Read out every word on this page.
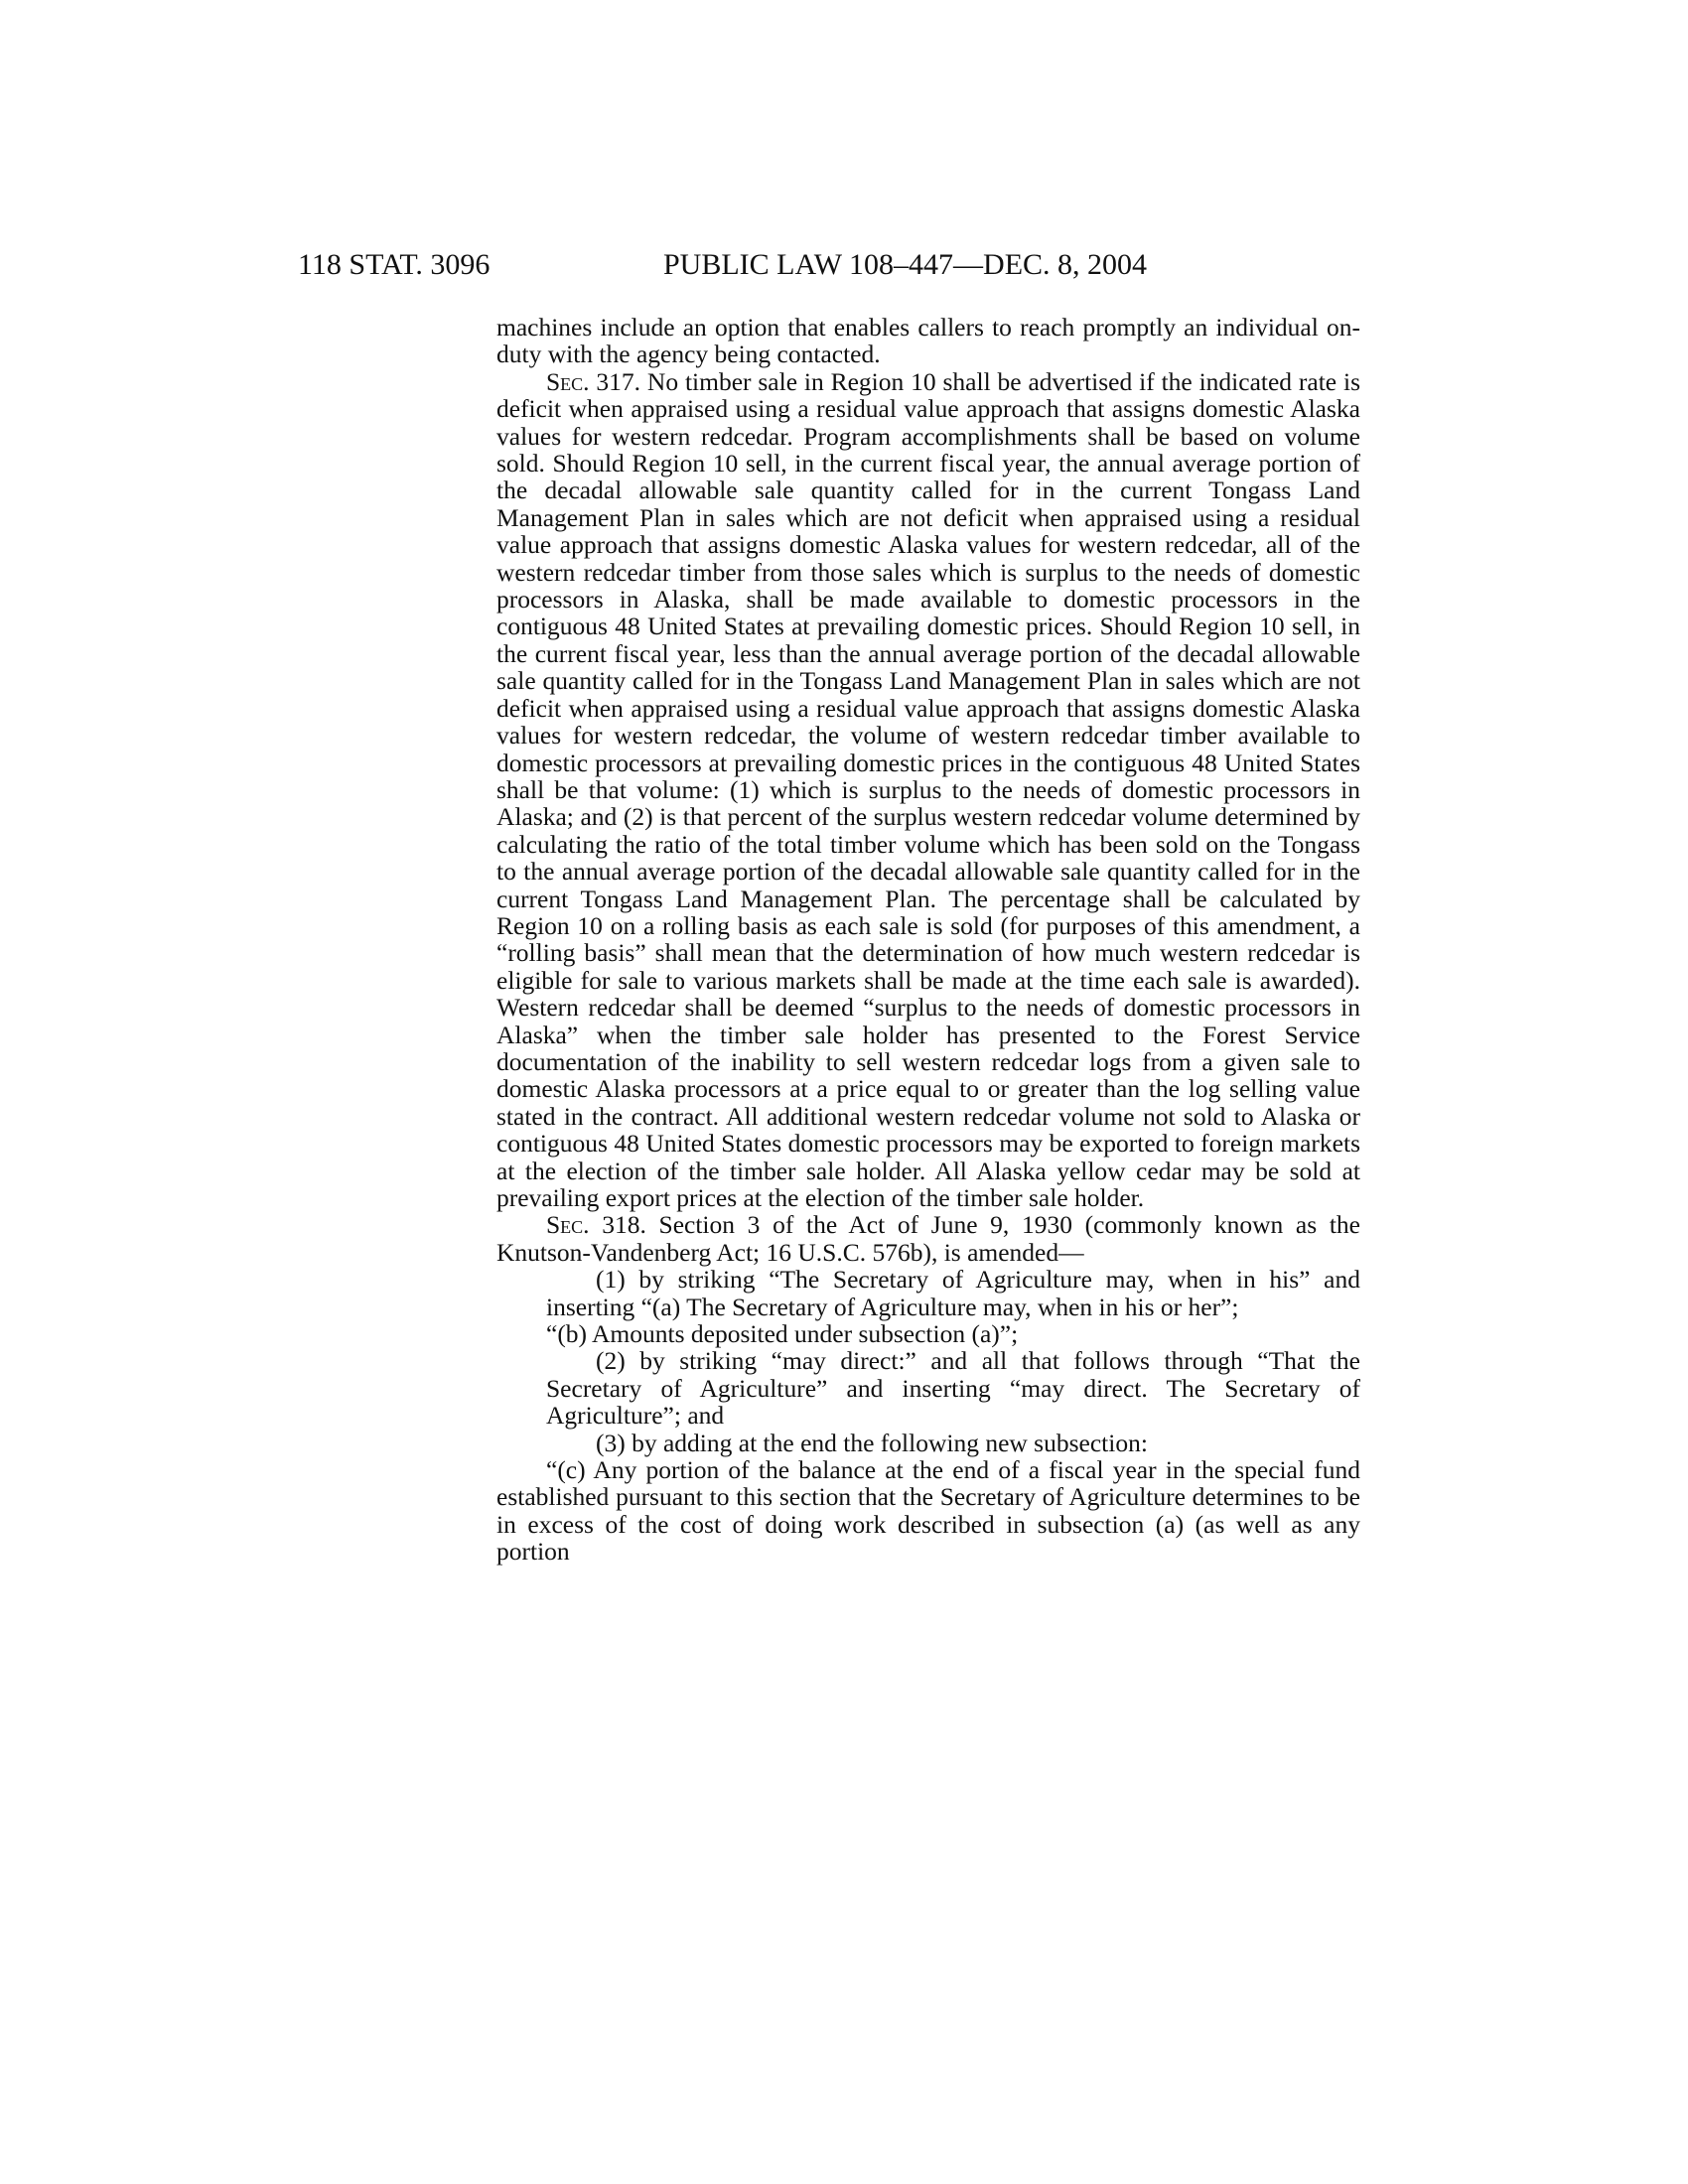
118 STAT. 3096	PUBLIC LAW 108–447—DEC. 8, 2004

machines include an option that enables callers to reach promptly an individual on-duty with the agency being contacted.

Sec. 317. No timber sale in Region 10 shall be advertised if the indicated rate is deficit when appraised using a residual value approach that assigns domestic Alaska values for western redcedar. Program accomplishments shall be based on volume sold. Should Region 10 sell, in the current fiscal year, the annual average portion of the decadal allowable sale quantity called for in the current Tongass Land Management Plan in sales which are not deficit when appraised using a residual value approach that assigns domestic Alaska values for western redcedar, all of the western redcedar timber from those sales which is surplus to the needs of domestic processors in Alaska, shall be made available to domestic processors in the contiguous 48 United States at prevailing domestic prices. Should Region 10 sell, in the current fiscal year, less than the annual average portion of the decadal allowable sale quantity called for in the Tongass Land Management Plan in sales which are not deficit when appraised using a residual value approach that assigns domestic Alaska values for western redcedar, the volume of western redcedar timber available to domestic processors at prevailing domestic prices in the contiguous 48 United States shall be that volume: (1) which is surplus to the needs of domestic processors in Alaska; and (2) is that percent of the surplus western redcedar volume determined by calculating the ratio of the total timber volume which has been sold on the Tongass to the annual average portion of the decadal allowable sale quantity called for in the current Tongass Land Management Plan. The percentage shall be calculated by Region 10 on a rolling basis as each sale is sold (for purposes of this amendment, a “rolling basis” shall mean that the determination of how much western redcedar is eligible for sale to various markets shall be made at the time each sale is awarded). Western redcedar shall be deemed “surplus to the needs of domestic processors in Alaska” when the timber sale holder has presented to the Forest Service documentation of the inability to sell western redcedar logs from a given sale to domestic Alaska processors at a price equal to or greater than the log selling value stated in the contract. All additional western redcedar volume not sold to Alaska or contiguous 48 United States domestic processors may be exported to foreign markets at the election of the timber sale holder. All Alaska yellow cedar may be sold at prevailing export prices at the election of the timber sale holder.

Sec. 318. Section 3 of the Act of June 9, 1930 (commonly known as the Knutson-Vandenberg Act; 16 U.S.C. 576b), is amended—

(1) by striking “The Secretary of Agriculture may, when in his” and inserting “(a) The Secretary of Agriculture may, when in his or her”;

“(b) Amounts deposited under subsection (a)”;

(2) by striking “may direct:” and all that follows through “That the Secretary of Agriculture” and inserting “may direct. The Secretary of Agriculture”; and

(3) by adding at the end the following new subsection:

“(c) Any portion of the balance at the end of a fiscal year in the special fund established pursuant to this section that the Secretary of Agriculture determines to be in excess of the cost of doing work described in subsection (a) (as well as any portion
